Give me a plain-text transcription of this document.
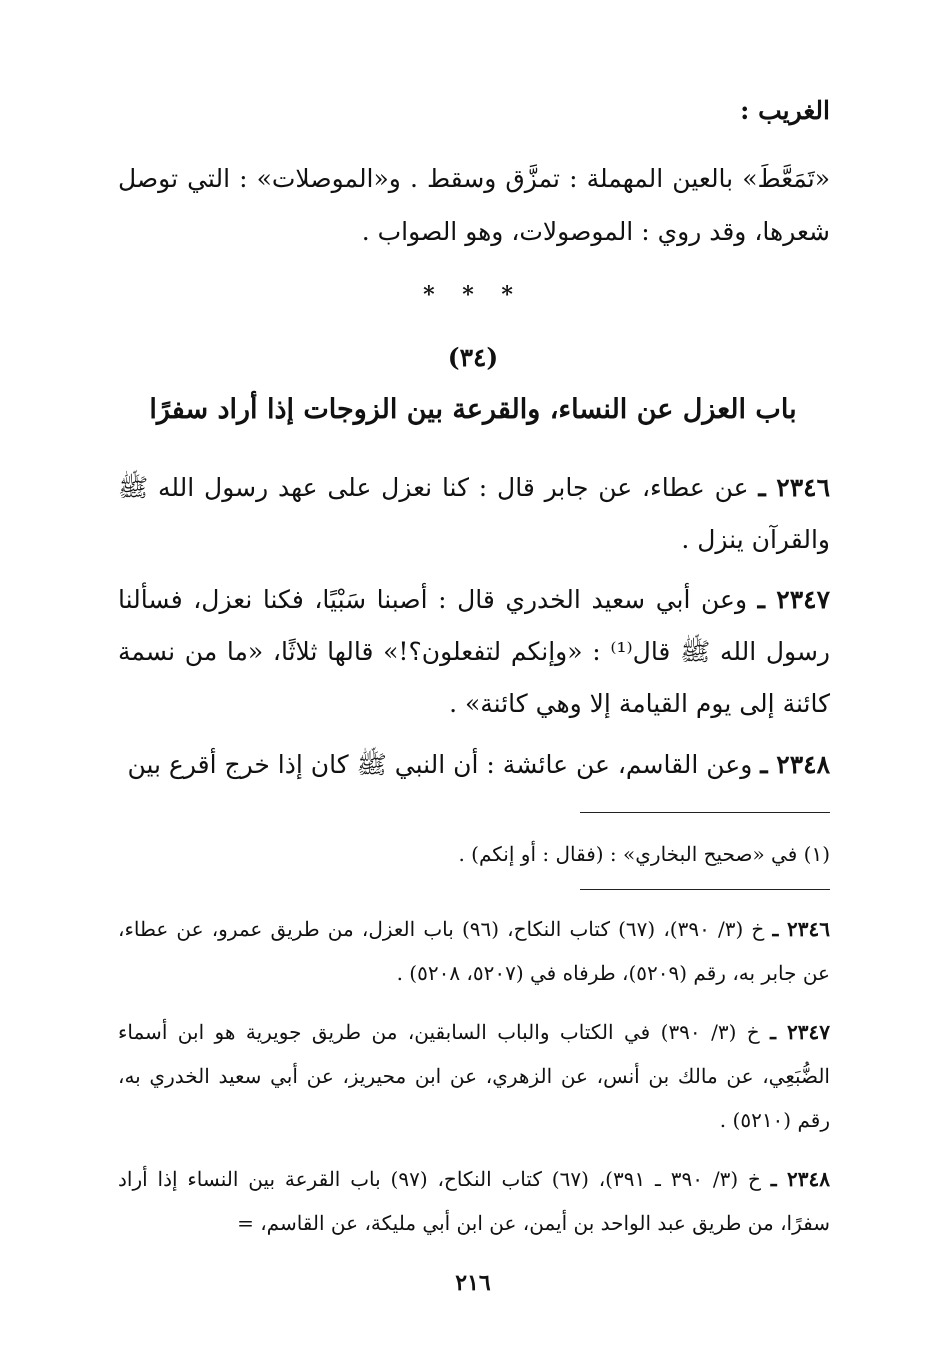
الغريب :
«تَمَعَّطَ» بالعين المهملة : تمزَّق وسقط . و«الموصلات» : التي توصل شعرها، وقد روي : الموصولات، وهو الصواب .
* * *
(٣٤)
باب العزل عن النساء، والقرعة بين الزوجات إذا أراد سفرًا
٢٣٤٦ ـ عن عطاء، عن جابر قال : كنا نعزل على عهد رسول الله ﷺ والقرآن ينزل .
٢٣٤٧ ـ وعن أبي سعيد الخدري قال : أصبنا سَبْيًا، فكنا نعزل، فسألنا رسول الله ﷺ قال⁽¹⁾ : «وإنكم لتفعلون؟!» قالها ثلاثًا، «ما من نسمة كائنة إلى يوم القيامة إلا وهي كائنة» .
٢٣٤٨ ـ وعن القاسم، عن عائشة : أن النبي ﷺ كان إذا خرج أقرع بين
(١) في «صحيح البخاري» : (فقال : أو إنكم) .
٢٣٤٦ ـ خ (٣/ ٣٩٠)، (٦٧) كتاب النكاح، (٩٦) باب العزل، من طريق عمرو، عن عطاء، عن جابر به، رقم (٥٢٠٩)، طرفاه في (٥٢٠٧، ٥٢٠٨) .
٢٣٤٧ ـ خ (٣/ ٣٩٠) في الكتاب والباب السابقين، من طريق جويرية هو ابن أسماء الضُّبَعِي، عن مالك بن أنس، عن الزهري، عن ابن محيريز، عن أبي سعيد الخدري به، رقم (٥٢١٠) .
٢٣٤٨ ـ خ (٣/ ٣٩٠ ـ ٣٩١)، (٦٧) كتاب النكاح، (٩٧) باب القرعة بين النساء إذا أراد سفرًا، من طريق عبد الواحد بن أيمن، عن ابن أبي مليكة، عن القاسم، =
٢١٦
